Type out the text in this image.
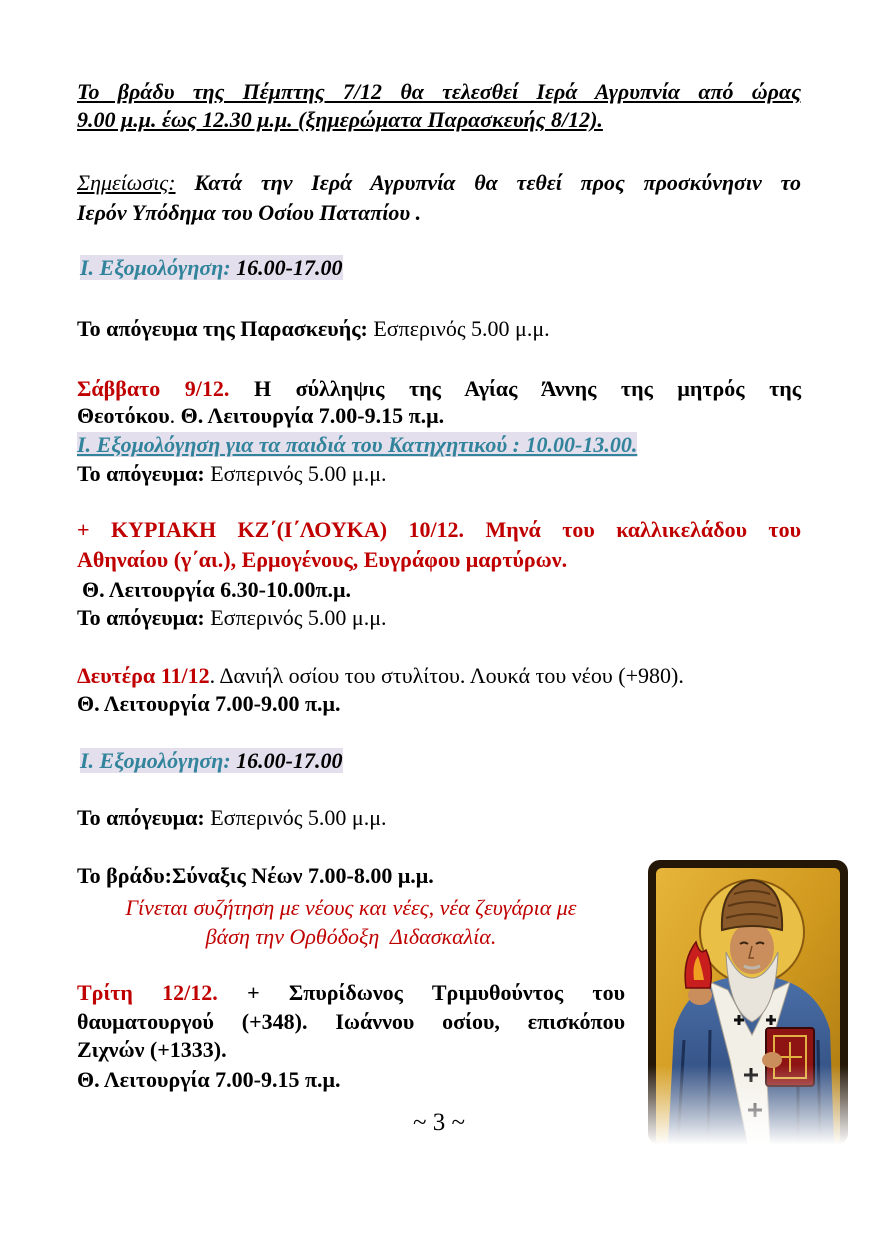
Το βράδυ της Πέμπτης 7/12 θα τελεσθεί Ιερά Αγρυπνία από ώρας
9.00 μ.μ. έως 12.30 μ.μ. (ξημερώματα Παρασκευής 8/12).
Σημείωσις: Κατά την Ιερά Αγρυπνία θα τεθεί προς προσκύνησιν το
Ιερόν Υπόδημα του Οσίου Παταπίου .
Ι. Εξομολόγηση: 16.00-17.00
Το απόγευμα της Παρασκευής: Εσπερινός 5.00 μ.μ.
Σάββατο 9/12. Η σύλληψις της Αγίας Άννης της μητρός της
Θεοτόκου. Θ. Λειτουργία 7.00-9.15 π.μ.
Ι. Εξομολόγηση για τα παιδιά του Κατηχητικού : 10.00-13.00.
Το απόγευμα: Εσπερινός 5.00 μ.μ.
+ ΚΥΡΙΑΚΗ ΚΖ΄(Ι΄ΛΟΥΚΑ) 10/12. Μηνά του καλλικελάδου του
Αθηναίου (γ΄αι.), Ερμογένους, Ευγράφου μαρτύρων.
Θ. Λειτουργία 6.30-10.00π.μ.
Το απόγευμα: Εσπερινός 5.00 μ.μ.
Δευτέρα 11/12. Δανιήλ οσίου του στυλίτου. Λουκά του νέου (+980).
Θ. Λειτουργία 7.00-9.00 π.μ.
Ι. Εξομολόγηση: 16.00-17.00
Το απόγευμα: Εσπερινός 5.00 μ.μ.
Το βράδυ:Σύναξις Νέων 7.00-8.00 μ.μ.
Γίνεται συζήτηση με νέους και νέες, νέα ζευγάρια με
βάση την Ορθόδοξη  Διδασκαλία.
Τρίτη 12/12. + Σπυρίδωνος Τριμυθούντος του
θαυματουργού (+348). Ιωάννου οσίου, επισκόπου
Ζιχνών (+1333).
Θ. Λειτουργία 7.00-9.15 π.μ.
~ 3 ~
